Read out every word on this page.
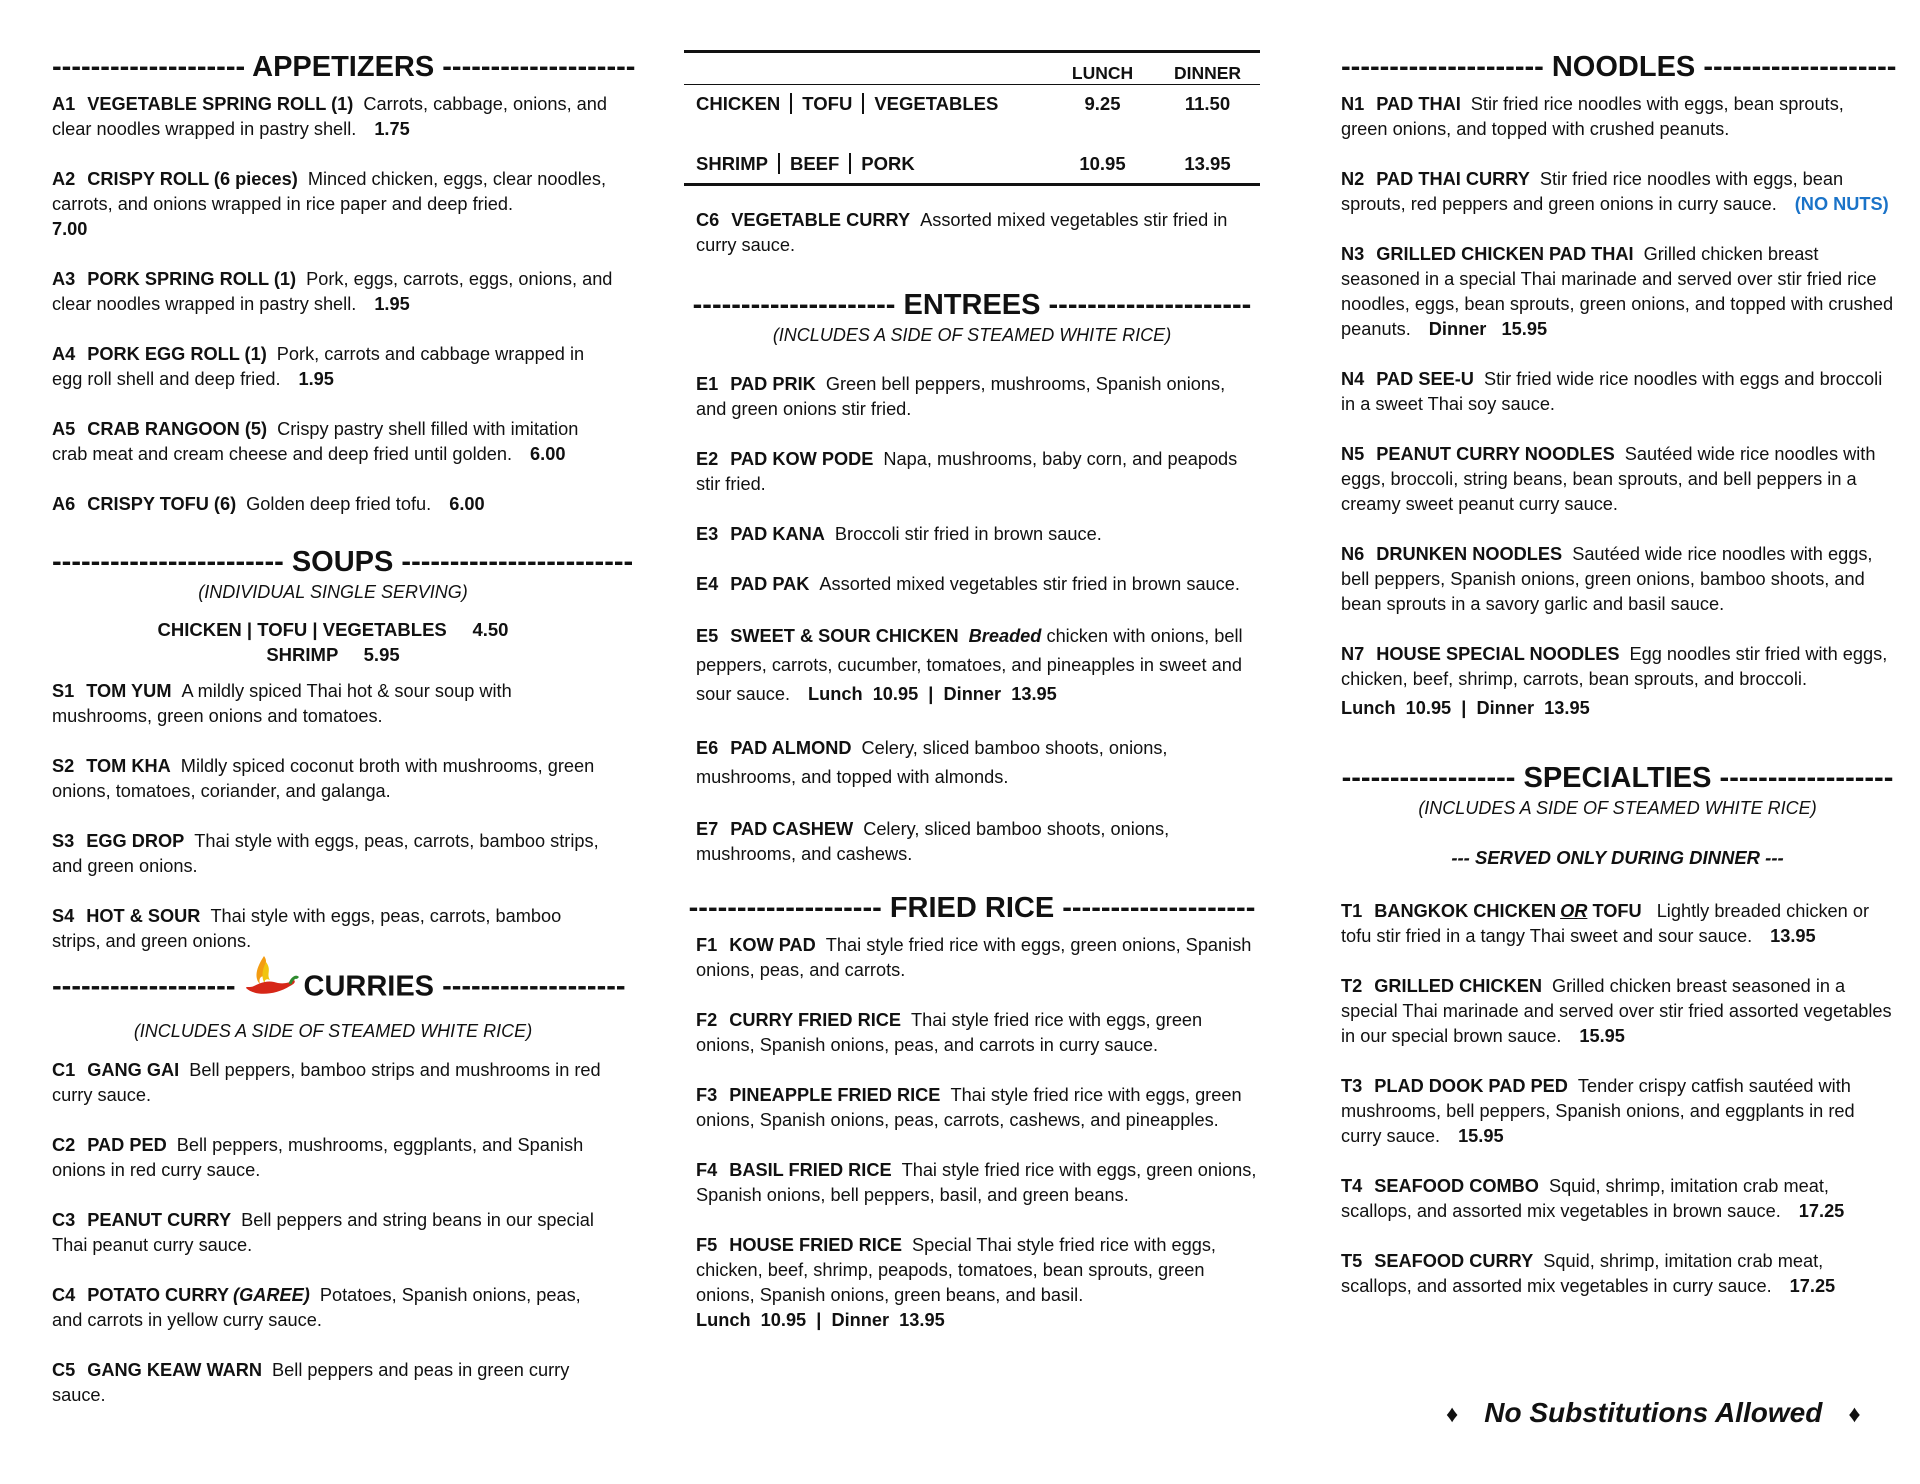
-------------------- APPETIZERS --------------------
A1 VEGETABLE SPRING ROLL (1) Carrots, cabbage, onions, and clear noodles wrapped in pastry shell. 1.75
A2 CRISPY ROLL (6 pieces) Minced chicken, eggs, clear noodles, carrots, and onions wrapped in rice paper and deep fried.
7.00
A3 PORK SPRING ROLL (1) Pork, eggs, carrots, eggs, onions, and clear noodles wrapped in pastry shell. 1.95
A4 PORK EGG ROLL (1) Pork, carrots and cabbage wrapped in egg roll shell and deep fried. 1.95
A5 CRAB RANGOON (5) Crispy pastry shell filled with imitation crab meat and cream cheese and deep fried until golden. 6.00
A6 CRISPY TOFU (6) Golden deep fried tofu. 6.00
------------------------ SOUPS ------------------------
(INDIVIDUAL SINGLE SERVING)
CHICKEN | TOFU | VEGETABLES     4.50
SHRIMP     5.95
S1 TOM YUM A mildly spiced Thai hot & sour soup with mushrooms, green onions and tomatoes.
S2 TOM KHA Mildly spiced coconut broth with mushrooms, green onions, tomatoes, coriander, and galanga.
S3 EGG DROP Thai style with eggs, peas, carrots, bamboo strips, and green onions.
S4 HOT & SOUR Thai style with eggs, peas, carrots, bamboo strips, and green onions.
------------------- CURRIES -------------------
(INCLUDES A SIDE OF STEAMED WHITE RICE)
C1 GANG GAI Bell peppers, bamboo strips and mushrooms in red curry sauce.
C2 PAD PED Bell peppers, mushrooms, eggplants, and Spanish onions in red curry sauce.
C3 PEANUT CURRY Bell peppers and string beans in our special Thai peanut curry sauce.
C4 POTATO CURRY (GAREE) Potatoes, Spanish onions, peas, and carrots in yellow curry sauce.
C5 GANG KEAW WARN Bell peppers and peas in green curry sauce.
	LUNCH	DINNER
CHICKEN TOFU VEGETABLES	9.25	11.50
SHRIMP BEEF PORK	10.95	13.95
C6 VEGETABLE CURRY Assorted mixed vegetables stir fried in curry sauce.
--------------------- ENTREES ---------------------
(INCLUDES A SIDE OF STEAMED WHITE RICE)
E1 PAD PRIK Green bell peppers, mushrooms, Spanish onions, and green onions stir fried.
E2 PAD KOW PODE Napa, mushrooms, baby corn, and peapods stir fried.
E3 PAD KANA Broccoli stir fried in brown sauce.
E4 PAD PAK Assorted mixed vegetables stir fried in brown sauce.
E5 SWEET & SOUR CHICKEN Breaded chicken with onions, bell peppers, carrots, cucumber, tomatoes, and pineapples in sweet and sour sauce. Lunch  10.95  |  Dinner  13.95
E6 PAD ALMOND Celery, sliced bamboo shoots, onions, mushrooms, and topped with almonds.
E7 PAD CASHEW Celery, sliced bamboo shoots, onions, mushrooms, and cashews.
-------------------- FRIED RICE --------------------
F1 KOW PAD Thai style fried rice with eggs, green onions, Spanish onions, peas, and carrots.
F2 CURRY FRIED RICE Thai style fried rice with eggs, green onions, Spanish onions, peas, and carrots in curry sauce.
F3 PINEAPPLE FRIED RICE Thai style fried rice with eggs, green onions, Spanish onions, peas, carrots, cashews, and pineapples.
F4 BASIL FRIED RICE Thai style fried rice with eggs, green onions, Spanish onions, bell peppers, basil, and green beans.
F5 HOUSE FRIED RICE Special Thai style fried rice with eggs, chicken, beef, shrimp, peapods, tomatoes, bean sprouts, green onions, Spanish onions, green beans, and basil.
Lunch  10.95  |  Dinner  13.95
--------------------- NOODLES --------------------
N1 PAD THAI Stir fried rice noodles with eggs, bean sprouts, green onions, and topped with crushed peanuts.
N2 PAD THAI CURRY Stir fried rice noodles with eggs, bean sprouts, red peppers and green onions in curry sauce. (NO NUTS)
N3 GRILLED CHICKEN PAD THAI Grilled chicken breast seasoned in a special Thai marinade and served over stir fried rice noodles, eggs, bean sprouts, green onions, and topped with crushed peanuts. Dinner   15.95
N4 PAD SEE-U Stir fried wide rice noodles with eggs and broccoli in a sweet Thai soy sauce.
N5 PEANUT CURRY NOODLES Sautéed wide rice noodles with eggs, broccoli, string beans, bean sprouts, and bell peppers in a creamy sweet peanut curry sauce.
N6 DRUNKEN NOODLES Sautéed wide rice noodles with eggs, bell peppers, Spanish onions, green onions, bamboo shoots, and bean sprouts in a savory garlic and basil sauce.
N7 HOUSE SPECIAL NOODLES Egg noodles stir fried with eggs, chicken, beef, shrimp, carrots, bean sprouts, and broccoli.
Lunch  10.95  |  Dinner  13.95
------------------ SPECIALTIES ------------------
(INCLUDES A SIDE OF STEAMED WHITE RICE)
--- SERVED ONLY DURING DINNER ---
T1 BANGKOK CHICKEN OR TOFU Lightly breaded chicken or tofu stir fried in a tangy Thai sweet and sour sauce. 13.95
T2 GRILLED CHICKEN Grilled chicken breast seasoned in a special Thai marinade and served over stir fried assorted vegetables in our special brown sauce. 15.95
T3 PLAD DOOK PAD PED Tender crispy catfish sautéed with mushrooms, bell peppers, Spanish onions, and eggplants in red curry sauce. 15.95
T4 SEAFOOD COMBO Squid, shrimp, imitation crab meat, scallops, and assorted mix vegetables in brown sauce. 17.25
T5 SEAFOOD CURRY Squid, shrimp, imitation crab meat, scallops, and assorted mix vegetables in curry sauce. 17.25
♦ No Substitutions Allowed ♦
